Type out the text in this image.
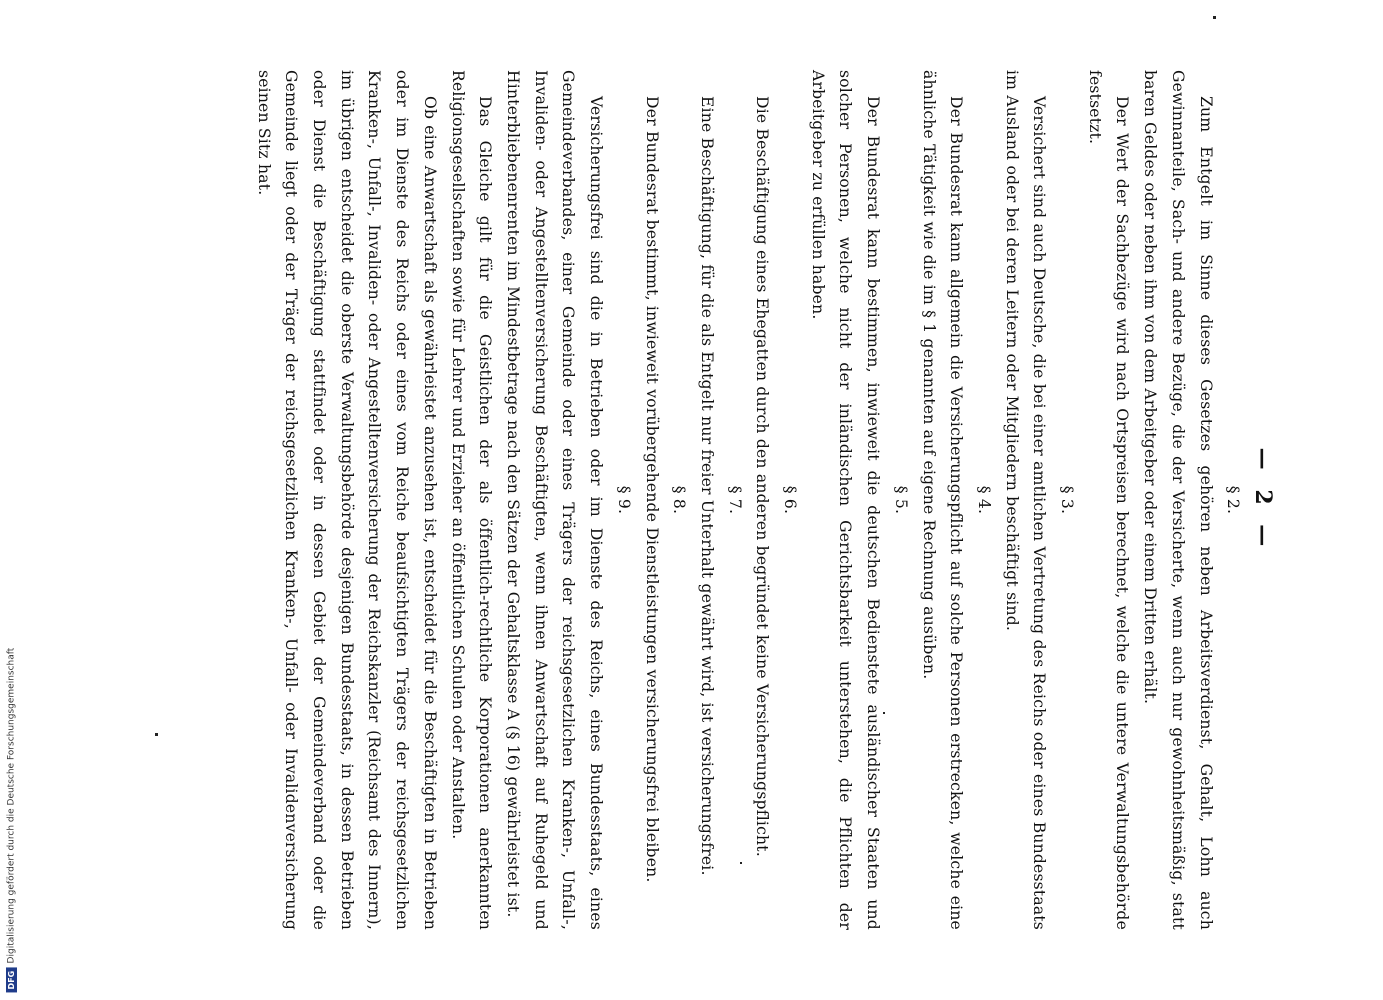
— 2 —

§ 2.

Zum Entgelt im Sinne dieses Gesetzes gehören neben Arbeitsverdienst, Gehalt, Lohn auch Gewinnanteile, Sach- und andere Bezüge, die der Versicherte, wenn auch nur gewohnheitsmäßig, statt baren Geldes oder neben ihm von dem Arbeitgeber oder einem Dritten erhält.

Der Wert der Sachbezüge wird nach Ortspreisen berechnet, welche die untere Verwaltungsbehörde festsetzt.

§ 3.

Versichert sind auch Deutsche, die bei einer amtlichen Vertretung des Reichs oder eines Bundesstaats im Ausland oder bei deren Leitern oder Mitgliedern beschäftigt sind.

§ 4.

Der Bundesrat kann allgemein die Versicherungspflicht auf solche Personen erstrecken, welche eine ähnliche Tätigkeit wie die im § 1 genannten auf eigene Rechnung ausüben.

§ 5.

Der Bundesrat kann bestimmen, inwieweit die deutschen Bedienstete ausländischer Staaten und solcher Personen, welche nicht der inländischen Gerichtsbarkeit unterstehen, die Pflichten der Arbeitgeber zu erfüllen haben.

§ 6.

Die Beschäftigung eines Ehegatten durch den anderen begründet keine Versicherungspflicht.

§ 7.

Eine Beschäftigung, für die als Entgelt nur freier Unterhalt gewährt wird, ist versicherungsfrei.

§ 8.

Der Bundesrat bestimmt, inwieweit vorübergehende Dienstleistungen versicherungsfrei bleiben.

§ 9.

Versicherungsfrei sind die in Betrieben oder im Dienste des Reichs, eines Bundesstaats, eines Gemeindeverbandes, einer Gemeinde oder eines Trägers der reichsgesetzlichen Kranken-, Unfall-, Invaliden- oder Angestelltenversicherung Beschäftigten, wenn ihnen Anwartschaft auf Ruhegeld und Hinterbliebenenrenten im Mindestbetrage nach den Sätzen der Gehaltsklasse A (§ 16) gewährleistet ist.

Das Gleiche gilt für die Geistlichen der als öffentlich-rechtliche Korporationen anerkannten Religionsgesellschaften sowie für Lehrer und Erzieher an öffentlichen Schulen oder Anstalten.

Ob eine Anwartschaft als gewährleistet anzusehen ist, entscheidet für die Beschäftigten in Betrieben oder im Dienste des Reichs oder eines vom Reiche beaufsichtigten Trägers der reichsgesetzlichen Kranken-, Unfall-, Invaliden- oder Angestelltenversicherung der Reichskanzler (Reichsamt des Innern), im übrigen entscheidet die oberste Verwaltungsbehörde desjenigen Bundesstaats, in dessen Betrieben oder Dienst die Beschäftigung stattfindet oder in dessen Gebiet der Gemeindeverband oder die Gemeinde liegt oder der Träger der reichsgesetzlichen Kranken-, Unfall- oder Invalidenversicherung seinen Sitz hat.

DFG
Digitalisierung gefördert durch die Deutsche Forschungsgemeinschaft
